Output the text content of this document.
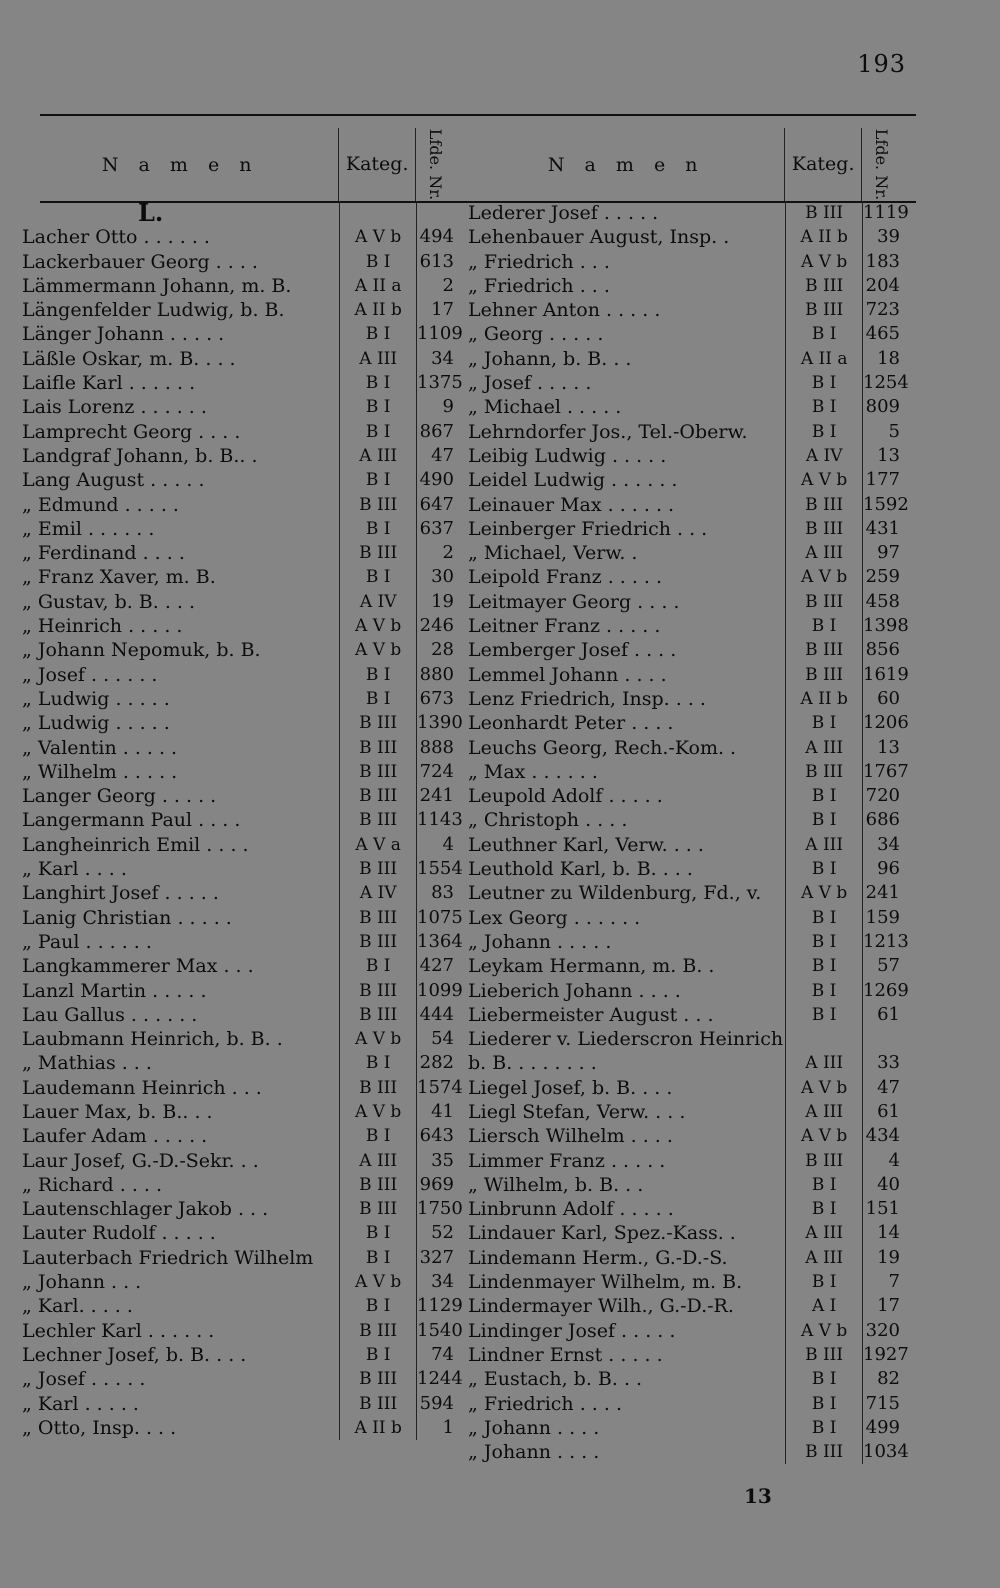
193
N a m e n	Kateg.	Lfde. Nr.
L.
Lacher Otto . . . . . .	A V b	494
Lackerbauer Georg . . . .	B I	613
Lämmermann Johann, m. B.	A II a	2
Längenfelder Ludwig, b. B.	A II b	17
Länger Johann . . . . .	B I	1109
Läßle Oskar, m. B. . . .	A III	34
Laifle Karl . . . . . .	B I	1375
Lais Lorenz . . . . . .	B I	9
Lamprecht Georg . . . .	B I	867
Landgraf Johann, b. B.. .	A III	47
Lang August . . . . .	B I	490
„ Edmund . . . . .	B III	647
„ Emil . . . . . .	B I	637
„ Ferdinand . . . .	B III	2
„ Franz Xaver, m. B.	B I	30
„ Gustav, b. B. . . .	A IV	19
„ Heinrich . . . . .	A V b	246
„ Johann Nepomuk, b. B.	A V b	28
„ Josef . . . . . .	B I	880
„ Ludwig . . . . .	B I	673
„ Ludwig . . . . .	B III	1390
„ Valentin . . . . .	B III	888
„ Wilhelm . . . . .	B III	724
Langer Georg . . . . .	B III	241
Langermann Paul . . . .	B III	1143
Langheinrich Emil . . . .	A V a	4
„ Karl . . . .	B III	1554
Langhirt Josef . . . . .	A IV	83
Lanig Christian . . . . .	B III	1075
„ Paul . . . . . .	B III	1364
Langkammerer Max . . .	B I	427
Lanzl Martin . . . . .	B III	1099
Lau Gallus . . . . . .	B III	444
Laubmann Heinrich, b. B. .	A V b	54
„ Mathias . . .	B I	282
Laudemann Heinrich . . .	B III	1574
Lauer Max, b. B.. . .	A V b	41
Laufer Adam . . . . .	B I	643
Laur Josef, G.-D.-Sekr. . .	A III	35
„ Richard . . . .	B III	969
Lautenschlager Jakob . . .	B III	1750
Lauter Rudolf . . . . .	B I	52
Lauterbach Friedrich Wilhelm	B I	327
„ Johann . . .	A V b	34
„ Karl. . . . .	B I	1129
Lechler Karl . . . . . .	B III	1540
Lechner Josef, b. B. . . .	B I	74
„ Josef . . . . .	B III	1244
„ Karl . . . . .	B III	594
„ Otto, Insp. . . .	A II b	1
N a m e n	Kateg.	Lfde. Nr.
Lederer Josef . . . . .	B III	1119
Lehenbauer August, Insp. .	A II b	39
„ Friedrich . . .	A V b	183
„ Friedrich . . .	B III	204
Lehner Anton . . . . .	B III	723
„ Georg . . . . .	B I	465
„ Johann, b. B. . .	A II a	18
„ Josef . . . . .	B I	1254
„ Michael . . . . .	B I	809
Lehrndorfer Jos., Tel.-Oberw.	B I	5
Leibig Ludwig . . . . .	A IV	13
Leidel Ludwig . . . . . .	A V b	177
Leinauer Max . . . . . .	B III	1592
Leinberger Friedrich . . .	B III	431
„ Michael, Verw. .	A III	97
Leipold Franz . . . . .	A V b	259
Leitmayer Georg . . . .	B III	458
Leitner Franz . . . . .	B I	1398
Lemberger Josef . . . .	B III	856
Lemmel Johann . . . .	B III	1619
Lenz Friedrich, Insp. . . .	A II b	60
Leonhardt Peter . . . .	B I	1206
Leuchs Georg, Rech.-Kom. .	A III	13
„ Max . . . . . .	B III	1767
Leupold Adolf . . . . .	B I	720
„ Christoph . . . .	B I	686
Leuthner Karl, Verw. . . .	A III	34
Leuthold Karl, b. B. . . .	B I	96
Leutner zu Wildenburg, Fd., v.	A V b	241
Lex Georg . . . . . .	B I	159
„ Johann . . . . .	B I	1213
Leykam Hermann, m. B. .	B I	57
Lieberich Johann . . . .	B I	1269
Liebermeister August . . .	B I	61
Liederer v. Liederscron Heinrich
b. B. . . . . . . .	A III	33
Liegel Josef, b. B. . . .	A V b	47
Liegl Stefan, Verw. . . .	A III	61
Liersch Wilhelm . . . .	A V b	434
Limmer Franz . . . . .	B III	4
„ Wilhelm, b. B. . .	B I	40
Linbrunn Adolf . . . . .	B I	151
Lindauer Karl, Spez.-Kass. .	A III	14
Lindemann Herm., G.-D.-S.	A III	19
Lindenmayer Wilhelm, m. B.	B I	7
Lindermayer Wilh., G.-D.-R.	A I	17
Lindinger Josef . . . . .	A V b	320
Lindner Ernst . . . . .	B III	1927
„ Eustach, b. B. . .	B I	82
„ Friedrich . . . .	B I	715
„ Johann . . . .	B I	499
„ Johann . . . .	B III	1034
13
